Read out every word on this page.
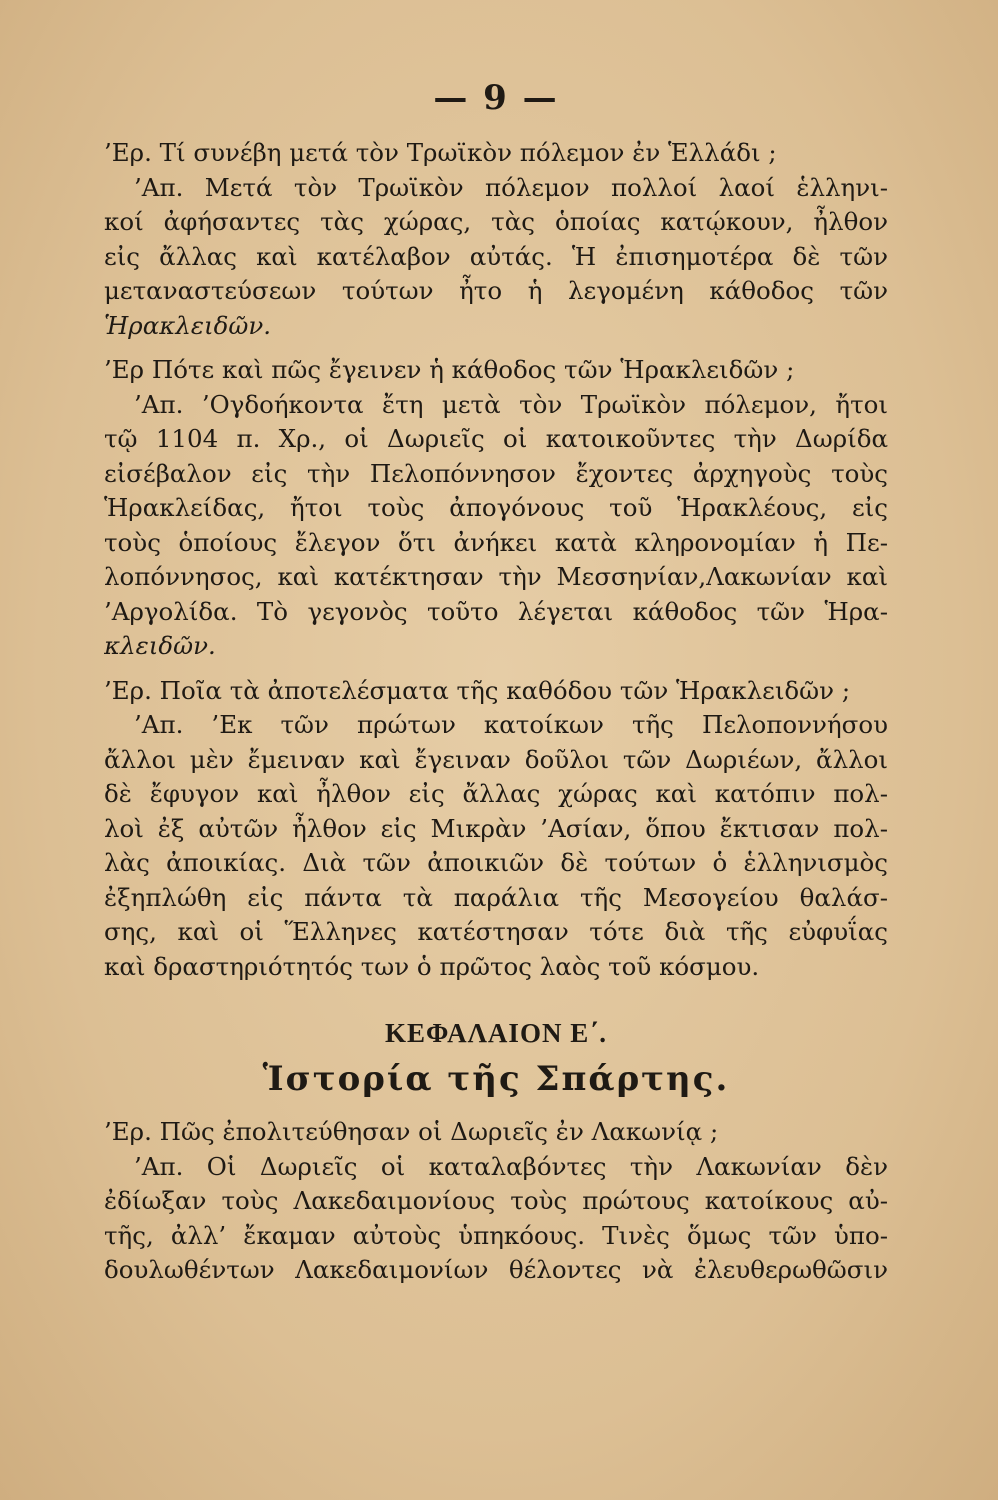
— 9 —
’Ερ. Τί συνέβη μετά τὸν Τρωϊκὸν πόλεμον ἐν Ἑλλάδι ;
’Απ. Μετά τὸν Τρωϊκὸν πόλεμον πολλοί λαοί ἑλληνι-
κοί ἀφήσαντες τὰς χώρας, τὰς ὁποίας κατῴκουν, ἦλθον
εἰς ἄλλας καὶ κατέλαβον αὐτάς. Ἡ ἐπισημοτέρα δὲ τῶν
μεταναστεύσεων τούτων ἦτο ἡ λεγομένη κάθοδος τῶν
Ἡρακλειδῶν.
’Ερ Πότε καὶ πῶς ἔγεινεν ἡ κάθοδος τῶν Ἡρακλειδῶν ;
’Απ. ’Ογδοήκοντα ἔτη μετὰ τὸν Τρωϊκὸν πόλεμον, ἤτοι
τῷ 1104 π. Χρ., οἱ Δωριεῖς οἱ κατοικοῦντες τὴν Δωρίδα
εἰσέβαλον εἰς τὴν Πελοπόννησον ἔχοντες ἀρχηγοὺς τοὺς
Ἡρακλείδας, ἤτοι τοὺς ἀπογόνους τοῦ Ἡρακλέους, εἰς
τοὺς ὁποίους ἔλεγον ὅτι ἀνήκει κατὰ κληρονομίαν ἡ Πε-
λοπόννησος, καὶ κατέκτησαν τὴν Μεσσηνίαν,Λακωνίαν καὶ
’Αργολίδα. Τὸ γεγονὸς τοῦτο λέγεται κάθοδος τῶν Ἡρα-
κλειδῶν.
’Ερ. Ποῖα τὰ ἀποτελέσματα τῆς καθόδου τῶν Ἡρακλειδῶν ;
’Απ. ’Εκ τῶν πρώτων κατοίκων τῆς Πελοποννήσου
ἄλλοι μὲν ἔμειναν καὶ ἔγειναν δοῦλοι τῶν Δωριέων, ἄλλοι
δὲ ἔφυγον καὶ ἦλθον εἰς ἄλλας χώρας καὶ κατόπιν πολ-
λοὶ ἐξ αὐτῶν ἦλθον εἰς Μικρὰν ’Ασίαν, ὅπου ἔκτισαν πολ-
λὰς ἀποικίας. Διὰ τῶν ἀποικιῶν δὲ τούτων ὁ ἑλληνισμὸς
ἐξηπλώθη εἰς πάντα τὰ παράλια τῆς Μεσογείου θαλάσ-
σης, καὶ οἱ Ἕλληνες κατέστησαν τότε διὰ τῆς εὐφυΐας
καὶ δραστηριότητός των ὁ πρῶτος λαὸς τοῦ κόσμου.
ΚΕΦΑΛΑΙΟΝ Ε΄.
Ἱστορία τῆς Σπάρτης.
’Ερ. Πῶς ἐπολιτεύθησαν οἱ Δωριεῖς ἐν Λακωνίᾳ ;
’Απ. Οἱ Δωριεῖς οἱ καταλαβόντες τὴν Λακωνίαν δὲν
ἐδίωξαν τοὺς Λακεδαιμονίους τοὺς πρώτους κατοίκους αὐ-
τῆς, ἀλλ’ ἔκαμαν αὐτοὺς ὑπηκόους. Τινὲς ὅμως τῶν ὑπο-
δουλωθέντων Λακεδαιμονίων θέλοντες νὰ ἐλευθερωθῶσιν
